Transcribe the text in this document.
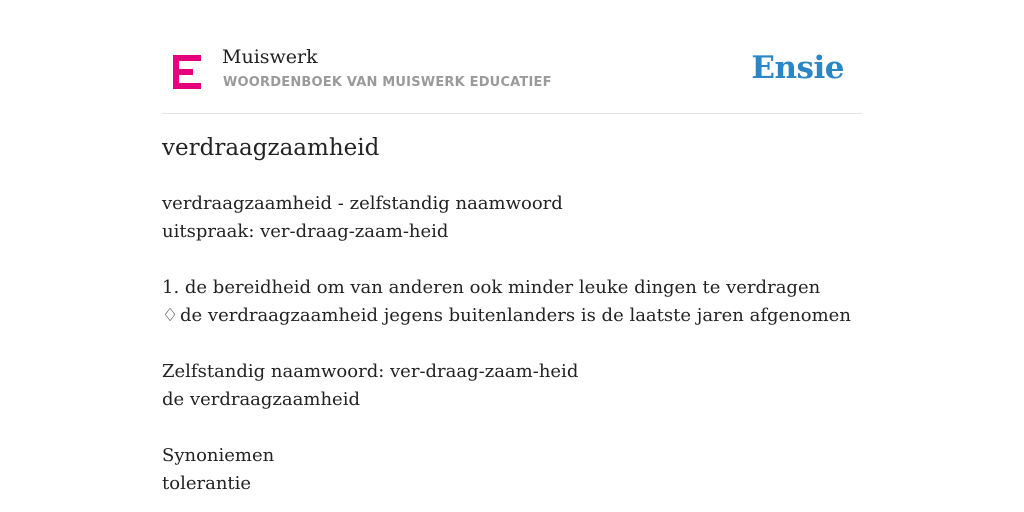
Muiswerk
WOORDENBOEK VAN MUISWERK EDUCATIEF	Ensie
verdraagzaamheid
verdraagzaamheid - zelfstandig naamwoord
uitspraak: ver-draag-zaam-heid
1. de bereidheid om van anderen ook minder leuke dingen te verdragen
♢ de verdraagzaamheid jegens buitenlanders is de laatste jaren afgenomen
Zelfstandig naamwoord: ver-draag-zaam-heid
de verdraagzaamheid
Synoniemen
tolerantie
